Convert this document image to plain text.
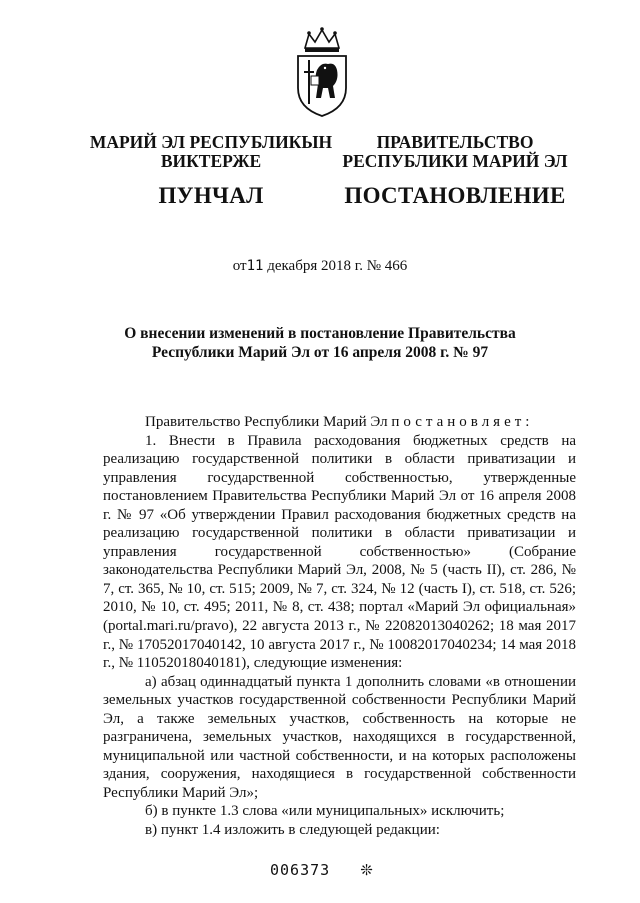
МАРИЙ ЭЛ РЕСПУБЛИКЫН
ВИКТЕРЖЕ
ПУНЧАЛ
ПРАВИТЕЛЬСТВО
РЕСПУБЛИКИ МАРИЙ ЭЛ
ПОСТАНОВЛЕНИЕ
от11 декабря 2018 г. № 466
О внесении изменений в постановление Правительства
Республики Марий Эл от 16 апреля 2008 г. № 97

Правительство Республики Марий Эл постановляет:

1. Внести в Правила расходования бюджетных средств на реализацию государственной политики в области приватизации и управления государственной собственностью, утвержденные постановлением Правительства Республики Марий Эл от 16 апреля 2008 г. № 97 «Об утверждении Правил расходования бюджетных средств на реализацию государственной политики в области приватизации и управления государственной собственностью» (Собрание законодательства Республики Марий Эл, 2008, № 5 (часть II), ст. 286, № 7, ст. 365, № 10, ст. 515; 2009, № 7, ст. 324, № 12 (часть I), ст. 518, ст. 526; 2010, № 10, ст. 495; 2011, № 8, ст. 438; портал «Марий Эл официальная» (portal.mari.ru/pravo), 22 августа 2013 г., № 22082013040262; 18 мая 2017 г., № 17052017040142, 10 августа 2017 г., № 10082017040234; 14 мая 2018 г., № 11052018040181), следующие изменения:

а) абзац одиннадцатый пункта 1 дополнить словами «в отношении земельных участков государственной собственности Республики Марий Эл, а также земельных участков, собственность на которые не разграничена, земельных участков, находящихся в государственной, муниципальной или частной собственности, и на которых расположены здания, сооружения, находящиеся в государственной собственности Республики Марий Эл»;

б) в пункте 1.3 слова «или муниципальных» исключить;

в) пункт 1.4 изложить в следующей редакции:

006373 ❊
